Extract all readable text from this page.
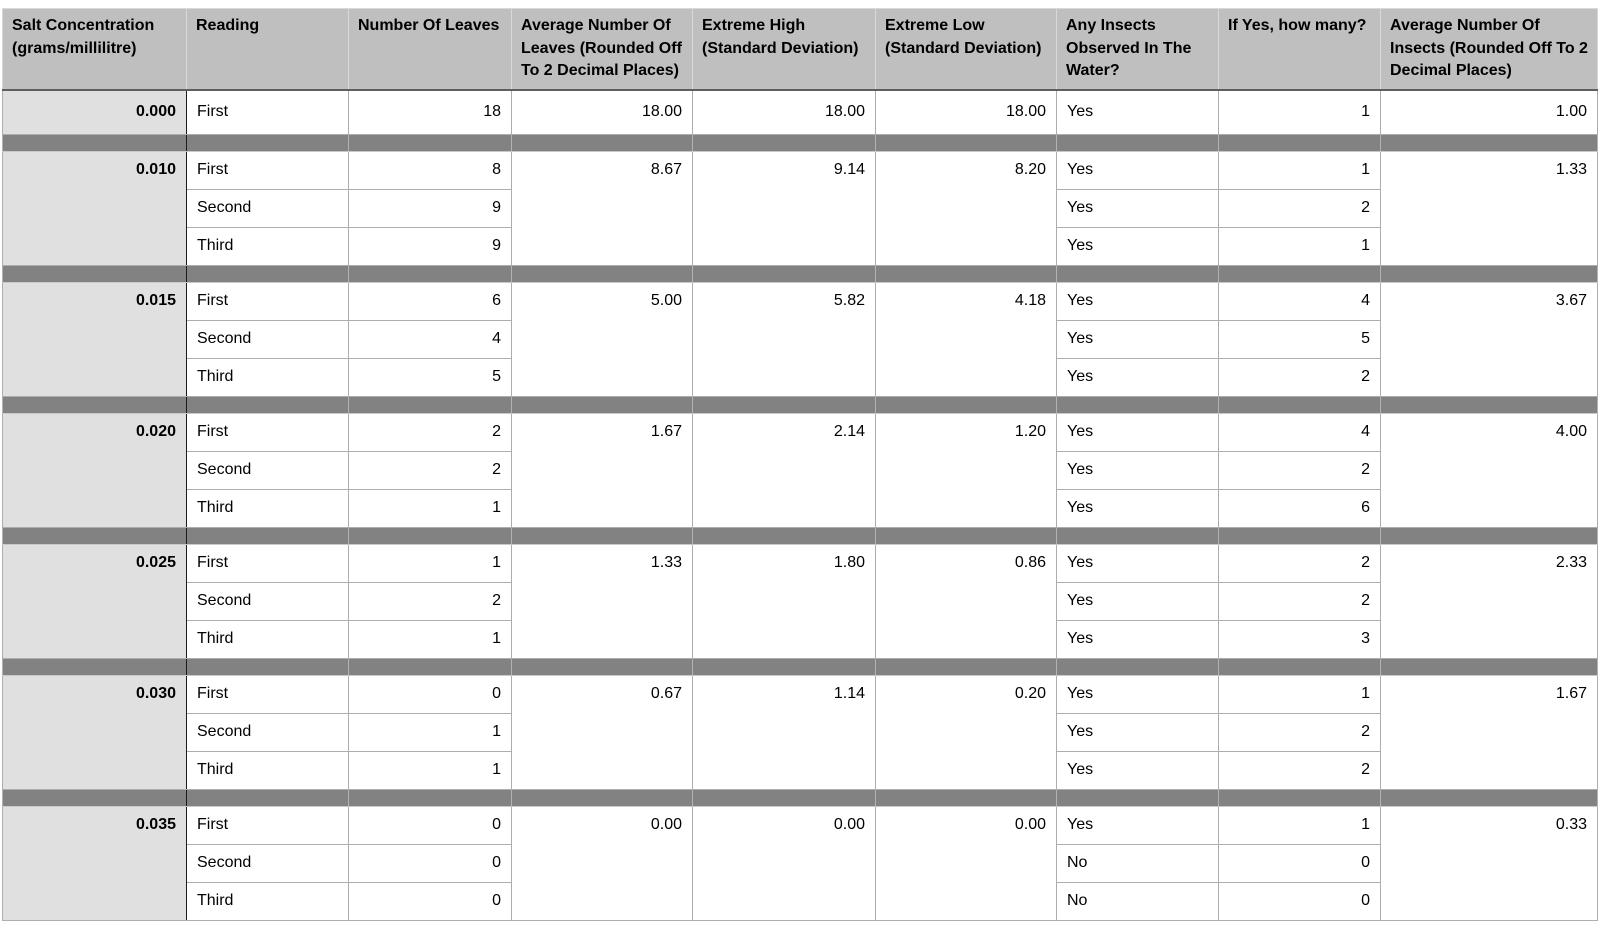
Salt Concentration (grams/millilitre)	Reading	Number Of Leaves	Average Number Of Leaves (Rounded Off To 2 Decimal Places)	Extreme High (Standard Deviation)	Extreme Low (Standard Deviation)	Any Insects Observed In The Water?	If Yes, how many?	Average Number Of Insects (Rounded Off To 2 Decimal Places)
0.000	First	18	18.00	18.00	18.00	Yes	1	1.00

0.010	First	8	8.67	9.14	8.20	Yes	1	1.33
	Second	9				Yes	2	
	Third	9				Yes	1	

0.015	First	6	5.00	5.82	4.18	Yes	4	3.67
	Second	4				Yes	5	
	Third	5				Yes	2	

0.020	First	2	1.67	2.14	1.20	Yes	4	4.00
	Second	2				Yes	2	
	Third	1				Yes	6	

0.025	First	1	1.33	1.80	0.86	Yes	2	2.33
	Second	2				Yes	2	
	Third	1				Yes	3	

0.030	First	0	0.67	1.14	0.20	Yes	1	1.67
	Second	1				Yes	2	
	Third	1				Yes	2	

0.035	First	0	0.00	0.00	0.00	Yes	1	0.33
	Second	0				No	0	
	Third	0				No	0	
